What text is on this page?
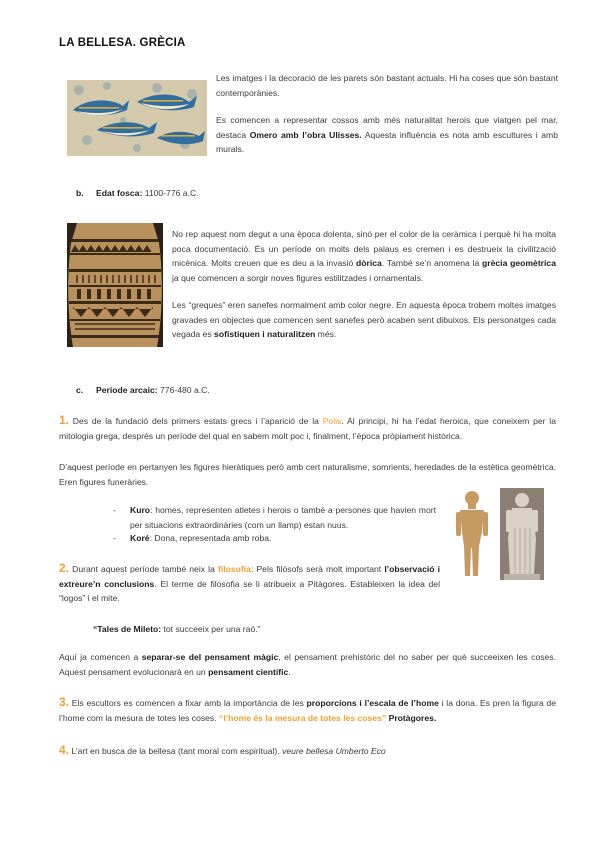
LA BELLESA. GRÈCIA
Les imatges i la decoració de les parets són bastant actuals. Hi ha coses que són bastant contemporànies.
Es comencen a representar cossos amb més naturalitat herois que viatgen pel mar, destaca Omero amb l’obra Ulisses. Aquesta influència es nota amb escultures i amb murals.
b. Edat fosca: 1100-776 a.C.
No rep aquest nom degut a una època dolenta, sinó per el color de la ceràmica i perquè hi ha molta poca documentació. És un període on molts dels palaus es cremen i es destrueix la civilització micènica. Molts creuen que es deu a la invasió dòrica. També se’n anomena la grècia geomètrica ja que comencen a sorgir noves figures estilitzades i ornamentals.
Les “greques” eren sanefes normalment amb color negre. En aquesta època trobem moltes imatges gravades en objectes que comencen sent sanefes però acaben sent dibuixos. Els personatges cada vegada es sofistiquen i naturalitzen més.
c. Període arcaic: 776-480 a.C.
1. Des de la fundació dels primers estats grecs i l’aparició de la Polis. Al principi, hi ha l’edat heroica, que coneixem per la mitologia grega, després un període del qual en sabem molt poc i, finalment, l’època pròpiament històrica.
D’aquest període en pertanyen les figures hieràtiques però amb cert naturalisme, somrients, heredades de la estètica geomètrica. Eren figures funeràries.
- Kuro: homes, representen atletes i herois o també a persones que havien mort per situacions extraordinàries (com un llamp) estan nuus.
- Koré: Dona, representada amb roba.
2. Durant aquest període també neix la filosofia: Pels filòsofs serà molt important l’observació i extreure’n conclusions. El terme de filosofia se li atribueix a Pitàgores. Estableixen la idea del “logos” i el mite.
“Tales de Mileto: tot succeeix per una raó.”
Aquí ja comencen a separar-se del pensament màgic, el pensament prehistòric del no saber per què succeeixen les coses. Aquest pensament evolucionarà en un pensament científic.
3. Els escultors es comencen a fixar amb la importància de les proporcions i l’escala de l’home i la dona. Es pren la figura de l’home com la mesura de totes les coses. “l’home és la mesura de totes les coses” Protàgores.
4. L’art en busca de la bellesa (tant moral com espiritual). veure bellesa Umberto Eco
